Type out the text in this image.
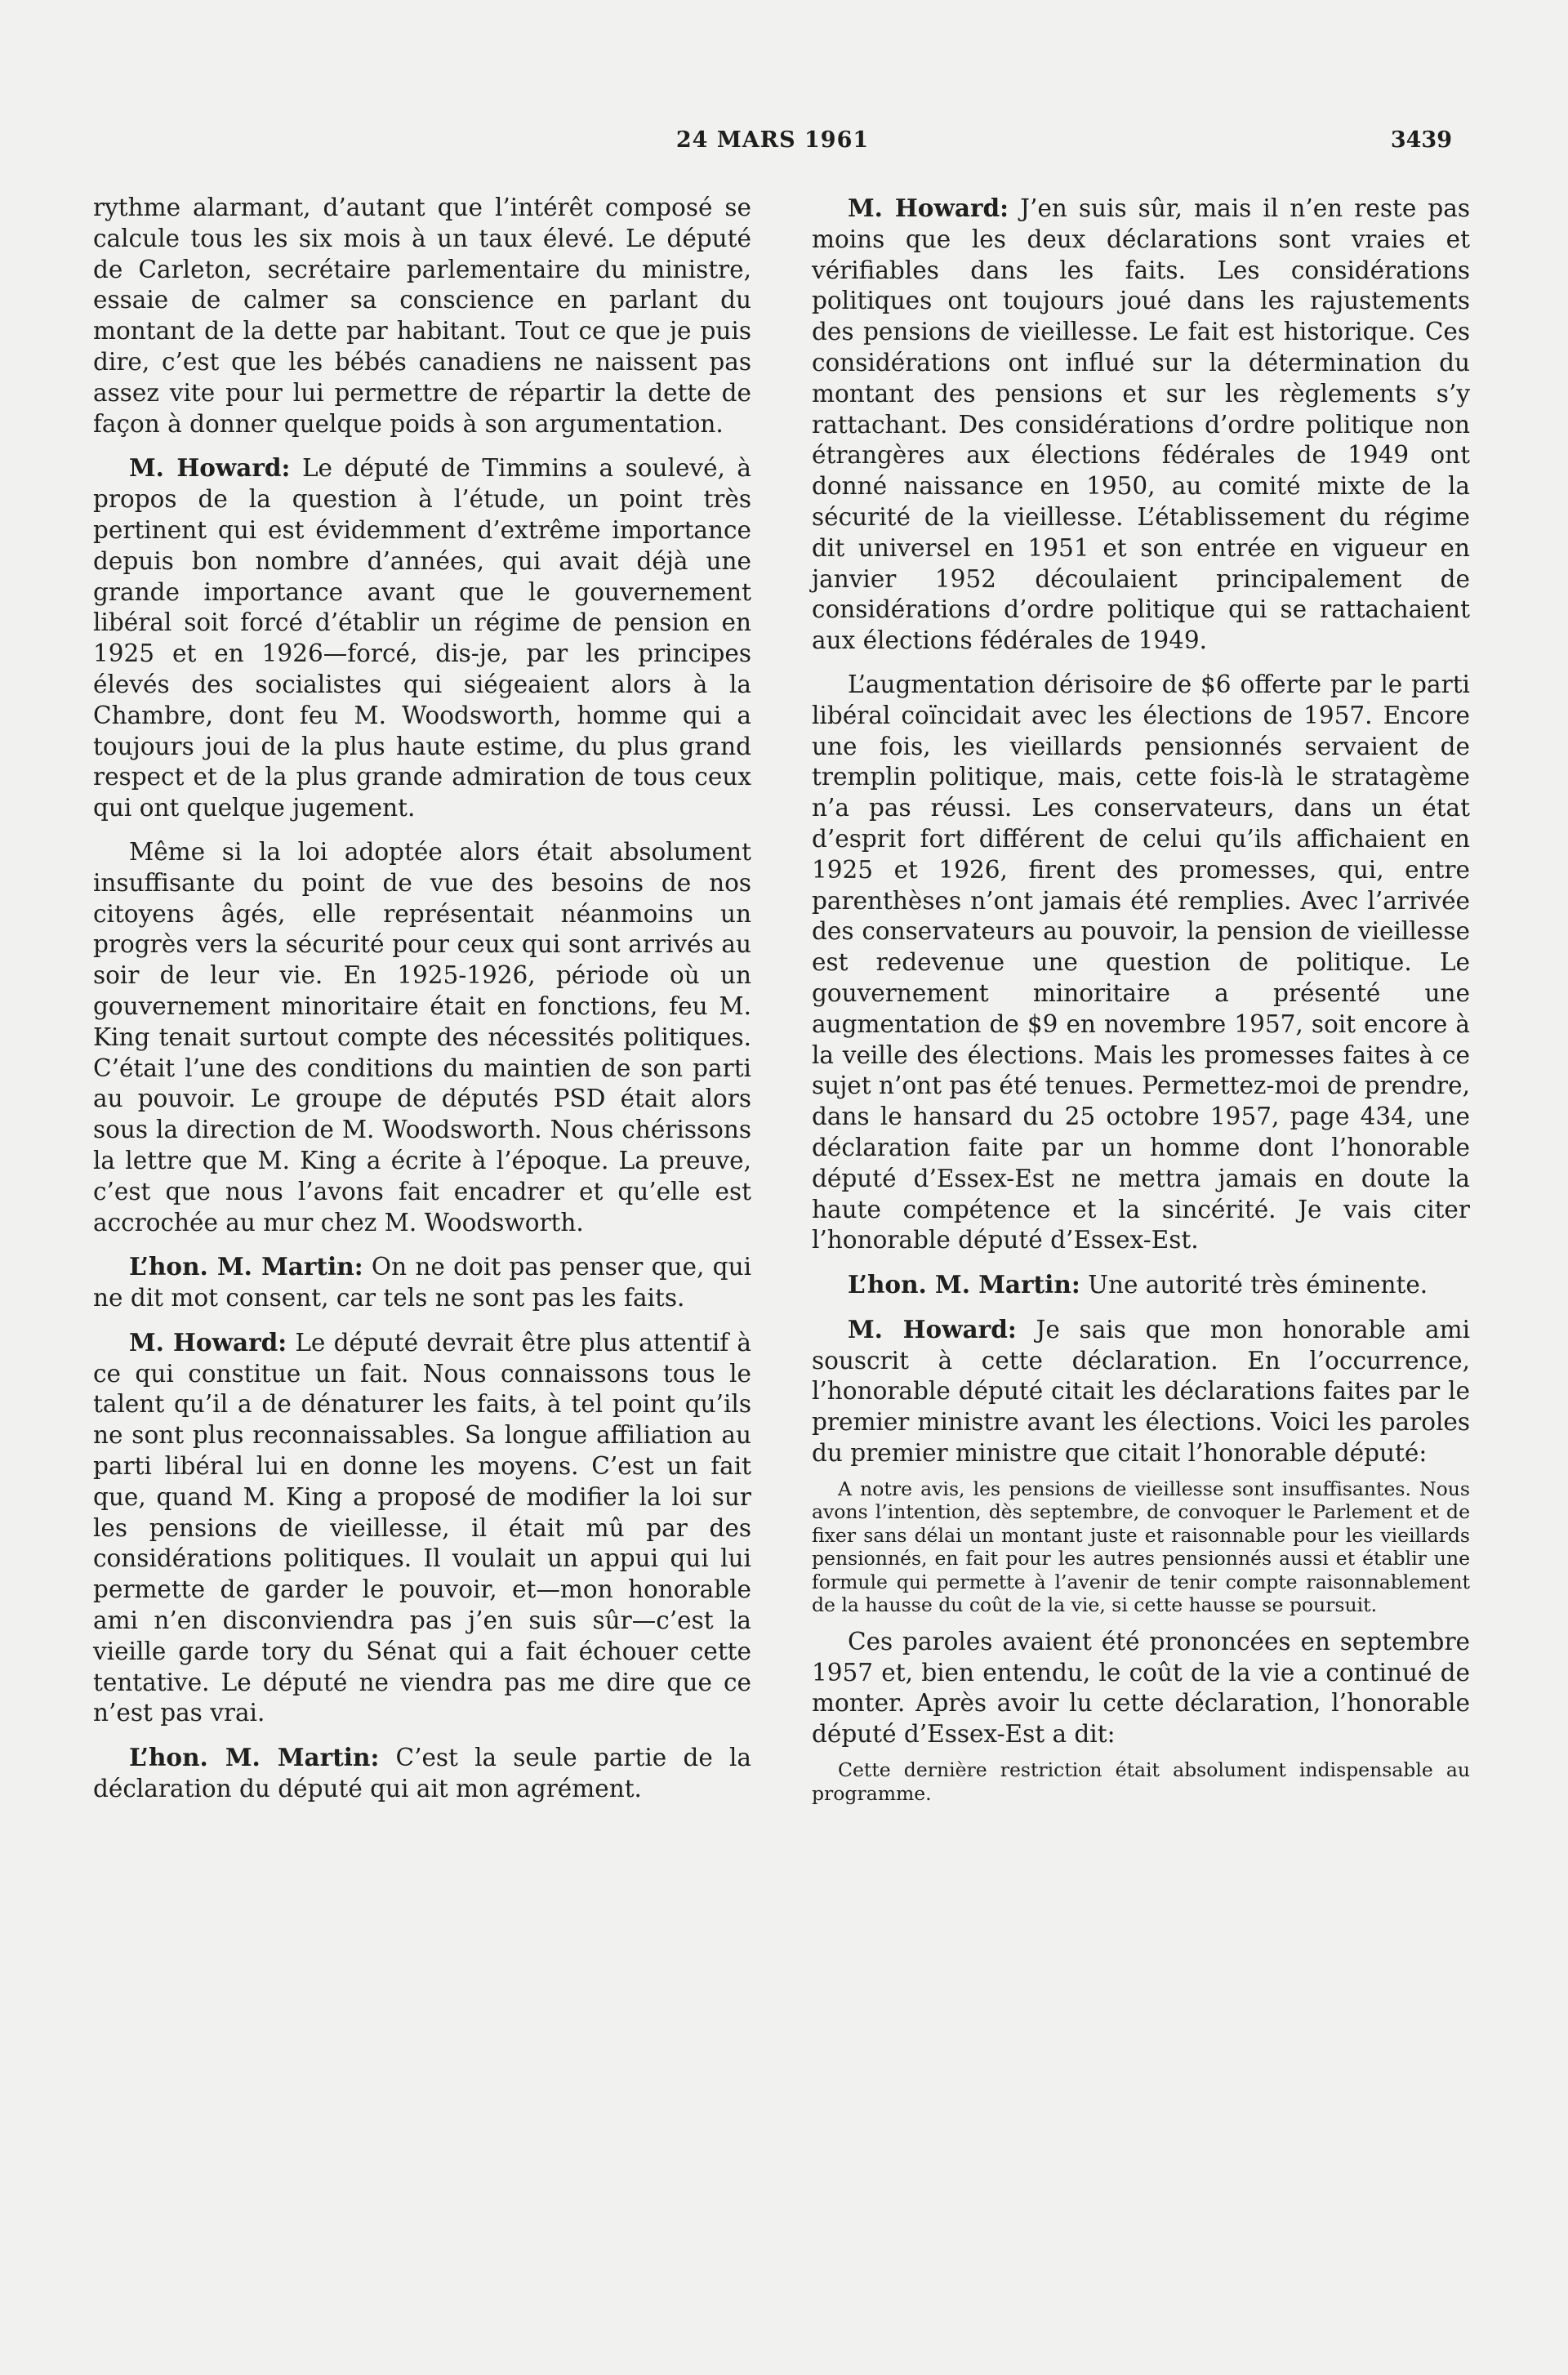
24 MARS 1961	3439

rythme alarmant, d’autant que l’intérêt composé se calcule tous les six mois à un taux élevé. Le député de Carleton, secrétaire parlementaire du ministre, essaie de calmer sa conscience en parlant du montant de la dette par habitant. Tout ce que je puis dire, c’est que les bébés canadiens ne naissent pas assez vite pour lui permettre de répartir la dette de façon à donner quelque poids à son argumentation.

M. Howard: Le député de Timmins a soulevé, à propos de la question à l’étude, un point très pertinent qui est évidemment d’extrême importance depuis bon nombre d’années, qui avait déjà une grande importance avant que le gouvernement libéral soit forcé d’établir un régime de pension en 1925 et en 1926—forcé, dis-je, par les principes élevés des socialistes qui siégeaient alors à la Chambre, dont feu M. Woodsworth, homme qui a toujours joui de la plus haute estime, du plus grand respect et de la plus grande admiration de tous ceux qui ont quelque jugement.

Même si la loi adoptée alors était absolument insuffisante du point de vue des besoins de nos citoyens âgés, elle représentait néanmoins un progrès vers la sécurité pour ceux qui sont arrivés au soir de leur vie. En 1925-1926, période où un gouvernement minoritaire était en fonctions, feu M. King tenait surtout compte des nécessités politiques. C’était l’une des conditions du maintien de son parti au pouvoir. Le groupe de députés PSD était alors sous la direction de M. Woodsworth. Nous chérissons la lettre que M. King a écrite à l’époque. La preuve, c’est que nous l’avons fait encadrer et qu’elle est accrochée au mur chez M. Woodsworth.

L’hon. M. Martin: On ne doit pas penser que, qui ne dit mot consent, car tels ne sont pas les faits.

M. Howard: Le député devrait être plus attentif à ce qui constitue un fait. Nous connaissons tous le talent qu’il a de dénaturer les faits, à tel point qu’ils ne sont plus reconnaissables. Sa longue affiliation au parti libéral lui en donne les moyens. C’est un fait que, quand M. King a proposé de modifier la loi sur les pensions de vieillesse, il était mû par des considérations politiques. Il voulait un appui qui lui permette de garder le pouvoir, et—mon honorable ami n’en disconviendra pas j’en suis sûr—c’est la vieille garde tory du Sénat qui a fait échouer cette tentative. Le député ne viendra pas me dire que ce n’est pas vrai.

L’hon. M. Martin: C’est la seule partie de la déclaration du député qui ait mon agrément.

M. Howard: J’en suis sûr, mais il n’en reste pas moins que les deux déclarations sont vraies et vérifiables dans les faits. Les considérations politiques ont toujours joué dans les rajustements des pensions de vieillesse. Le fait est historique. Ces considérations ont influé sur la détermination du montant des pensions et sur les règlements s’y rattachant. Des considérations d’ordre politique non étrangères aux élections fédérales de 1949 ont donné naissance en 1950, au comité mixte de la sécurité de la vieillesse. L’établissement du régime dit universel en 1951 et son entrée en vigueur en janvier 1952 découlaient principalement de considérations d’ordre politique qui se rattachaient aux élections fédérales de 1949.

L’augmentation dérisoire de $6 offerte par le parti libéral coïncidait avec les élections de 1957. Encore une fois, les vieillards pensionnés servaient de tremplin politique, mais, cette fois-là le stratagème n’a pas réussi. Les conservateurs, dans un état d’esprit fort différent de celui qu’ils affichaient en 1925 et 1926, firent des promesses, qui, entre parenthèses n’ont jamais été remplies. Avec l’arrivée des conservateurs au pouvoir, la pension de vieillesse est redevenue une question de politique. Le gouvernement minoritaire a présenté une augmentation de $9 en novembre 1957, soit encore à la veille des élections. Mais les promesses faites à ce sujet n’ont pas été tenues. Permettez-moi de prendre, dans le hansard du 25 octobre 1957, page 434, une déclaration faite par un homme dont l’honorable député d’Essex-Est ne mettra jamais en doute la haute compétence et la sincérité. Je vais citer l’honorable député d’Essex-Est.

L’hon. M. Martin: Une autorité très éminente.

M. Howard: Je sais que mon honorable ami souscrit à cette déclaration. En l’occurrence, l’honorable député citait les déclarations faites par le premier ministre avant les élections. Voici les paroles du premier ministre que citait l’honorable député:

A notre avis, les pensions de vieillesse sont insuffisantes. Nous avons l’intention, dès septembre, de convoquer le Parlement et de fixer sans délai un montant juste et raisonnable pour les vieillards pensionnés, en fait pour les autres pensionnés aussi et établir une formule qui permette à l’avenir de tenir compte raisonnablement de la hausse du coût de la vie, si cette hausse se poursuit.

Ces paroles avaient été prononcées en septembre 1957 et, bien entendu, le coût de la vie a continué de monter. Après avoir lu cette déclaration, l’honorable député d’Essex-Est a dit:

Cette dernière restriction était absolument indispensable au programme.
